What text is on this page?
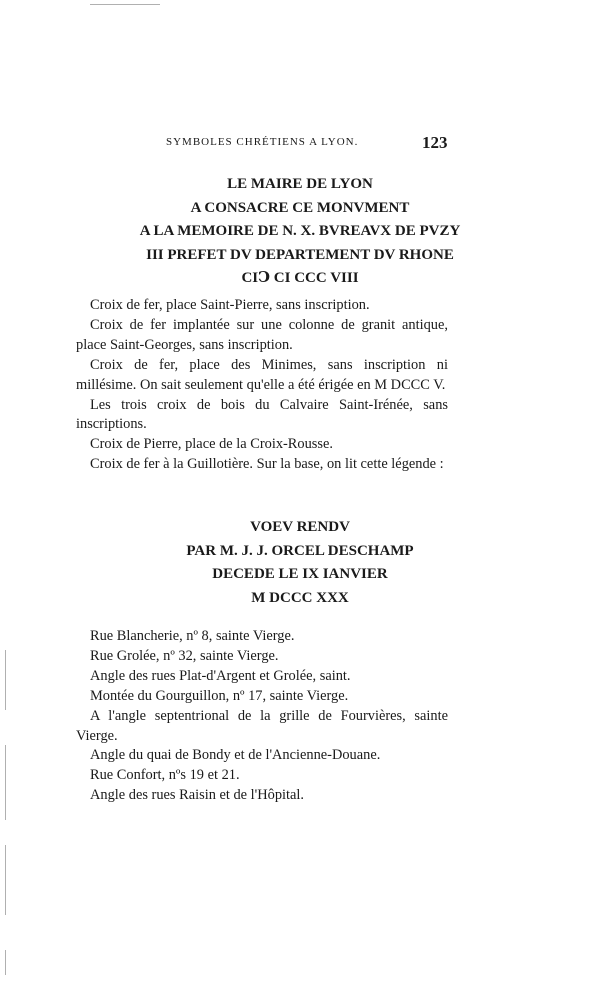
SYMBOLES CHRÉTIENS A LYON.	123
LE MAIRE DE LYON
A CONSACRE CE MONVMENT
A LA MEMOIRE DE N. X. BVREAVX DE PVZY
III PREFET DV DEPARTEMENT DV RHONE
CIↃ CI CCC VIII

Croix de fer, place Saint-Pierre, sans inscription.

Croix de fer implantée sur une colonne de granit antique, place Saint-Georges, sans inscription.

Croix de fer, place des Minimes, sans inscription ni millésime. On sait seulement qu'elle a été érigée en M DCCC V.

Les trois croix de bois du Calvaire Saint-Irénée, sans inscriptions.

Croix de Pierre, place de la Croix-Rousse.

Croix de fer à la Guillotière. Sur la base, on lit cette légende :

VOEV RENDV
PAR M. J. J. ORCEL DESCHAMP
DECEDE LE IX IANVIER
M DCCC XXX

Rue Blancherie, nº 8, sainte Vierge.

Rue Grolée, nº 32, sainte Vierge.

Angle des rues Plat-d'Argent et Grolée, saint.

Montée du Gourguillon, nº 17, sainte Vierge.

A l'angle septentrional de la grille de Fourvières, sainte Vierge.

Angle du quai de Bondy et de l'Ancienne-Douane.

Rue Confort, nºs 19 et 21.

Angle des rues Raisin et de l'Hôpital.
